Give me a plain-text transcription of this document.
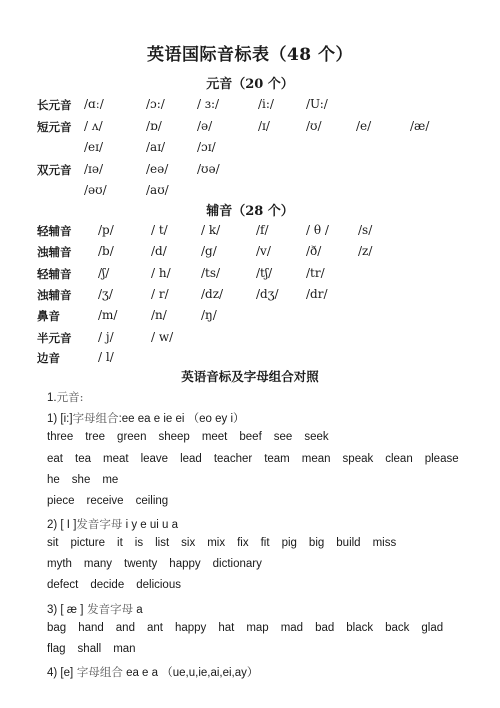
英语国际音标表（48 个）
元音（20 个）
长元音 /ɑː/	/ɔ:/	/ ɜ:/	/i:/	/U:/
短元音 / ʌ/	/ɒ/	/ə/	/ɪ/	/ʊ/	/e/	/æ/
/eɪ/	/aɪ/	/ɔɪ/
双元音 /ɪə/	/eə/ /ʊə/
/əʊ/	/aʊ/
辅音（28 个）
轻辅音 /p/	/ t/	/ k/	/f/	/ θ / /s/
浊辅音 /b/	/d/	/g/	/v/	/ð/	/z/
轻辅音 /ʃ/	/ h/	/ts/	/tʃ/	/tr/
浊辅音 /ʒ/	/ r/	/dz/	/dʒ/ /dr/
鼻音	/m/	/n/	/ŋ/
半元音 / j/	/ w/
边音	/ l/
英语音标及字母组合对照
1.元音:
1) [i:]字母组合:ee ea e ie ei （eo ey i）
three tree green sheep meet beef see seek
eat tea meat leave lead teacher team mean speak clean please
he she me
piece receive ceiling
2) [ I ]发音字母 i y e ui u a
sit picture it is list six mix fix fit pig big build miss
myth many twenty happy dictionary
defect decide delicious
3) [ æ ] 发音字母 a
bag hand and ant happy hat map mad bad black back glad
flag shall man
4) [e] 字母组合 ea e a （ue,u,ie,ai,ei,ay）
